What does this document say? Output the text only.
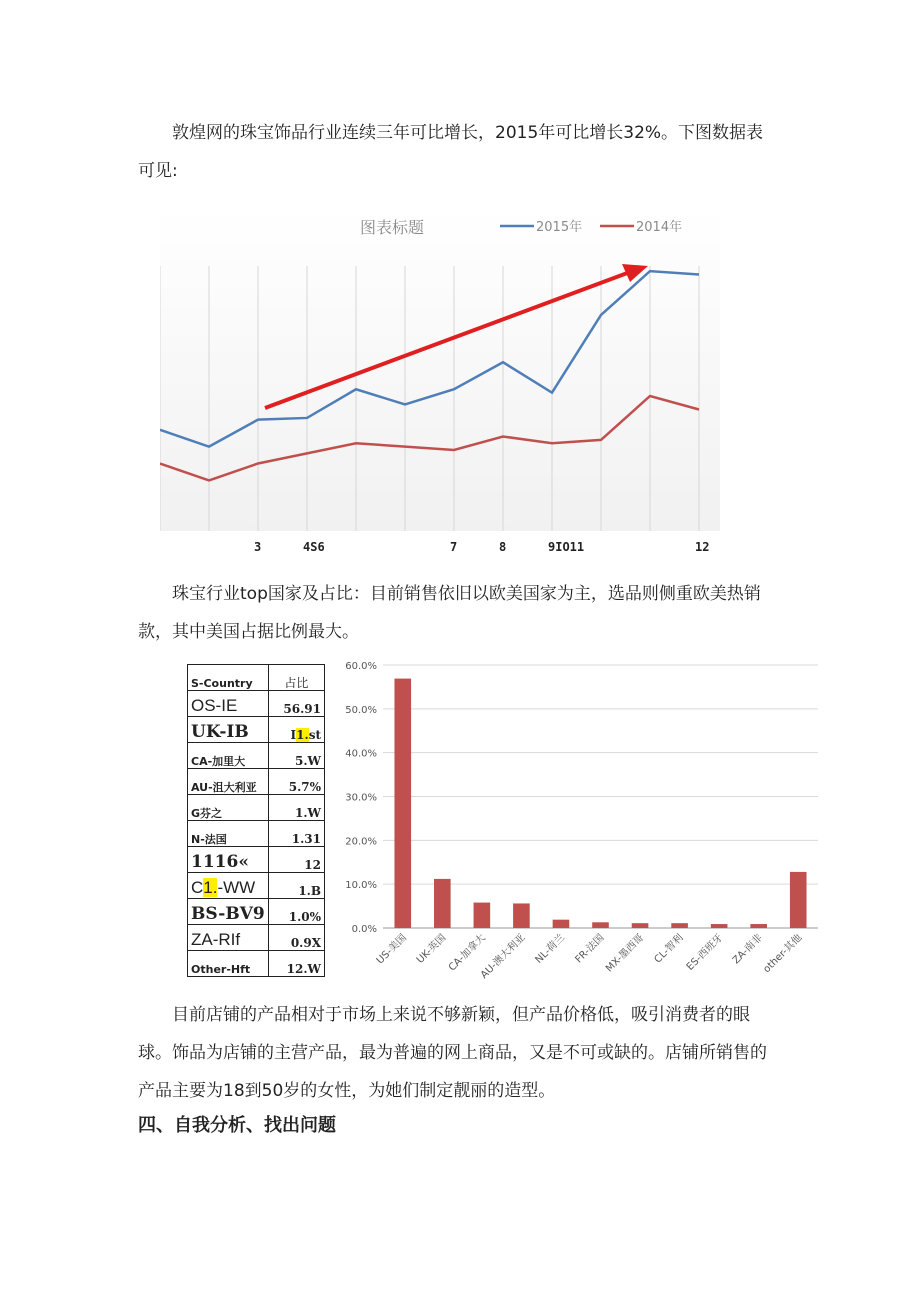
敦煌网的珠宝饰品行业连续三年可比增长，2015年可比增长32%。下图数据表可见:

图表标题	2015年	2014年
3	4S6	7	8	9IO11	12

珠宝行业top国家及占比：目前销售依旧以欧美国家为主，选品则侧重欧美热销款，其中美国占据比例最大。

S-Country	占比
OS-IE	56.91
UK-IB	I1.st
CA-加里大	5.W
AU-沮大利亚	5.7%
G芬之	1.W
N-法国	1.31
1116«	12
C1.-WW	1.B
BS-BV9	1.0%
ZA-RIf	0.9X
Other-Hft	12.W
0.0%
10.0%
20.0%
30.0%
40.0%
50.0%
60.0%
US-美国 UK-英国
CA-加拿大
AU-澳大利亚 NL-荷兰 FR-法国
MX-墨西哥 CL-智利 ES-西班牙 ZA-南非
other-其他

目前店铺的产品相对于市场上来说不够新颖，但产品价格低，吸引消费者的眼球。饰品为店铺的主营产品，最为普遍的网上商品，又是不可或缺的。店铺所销售的产品主要为18到50岁的女性，为她们制定靓丽的造型。

四、自我分析、找出问题
